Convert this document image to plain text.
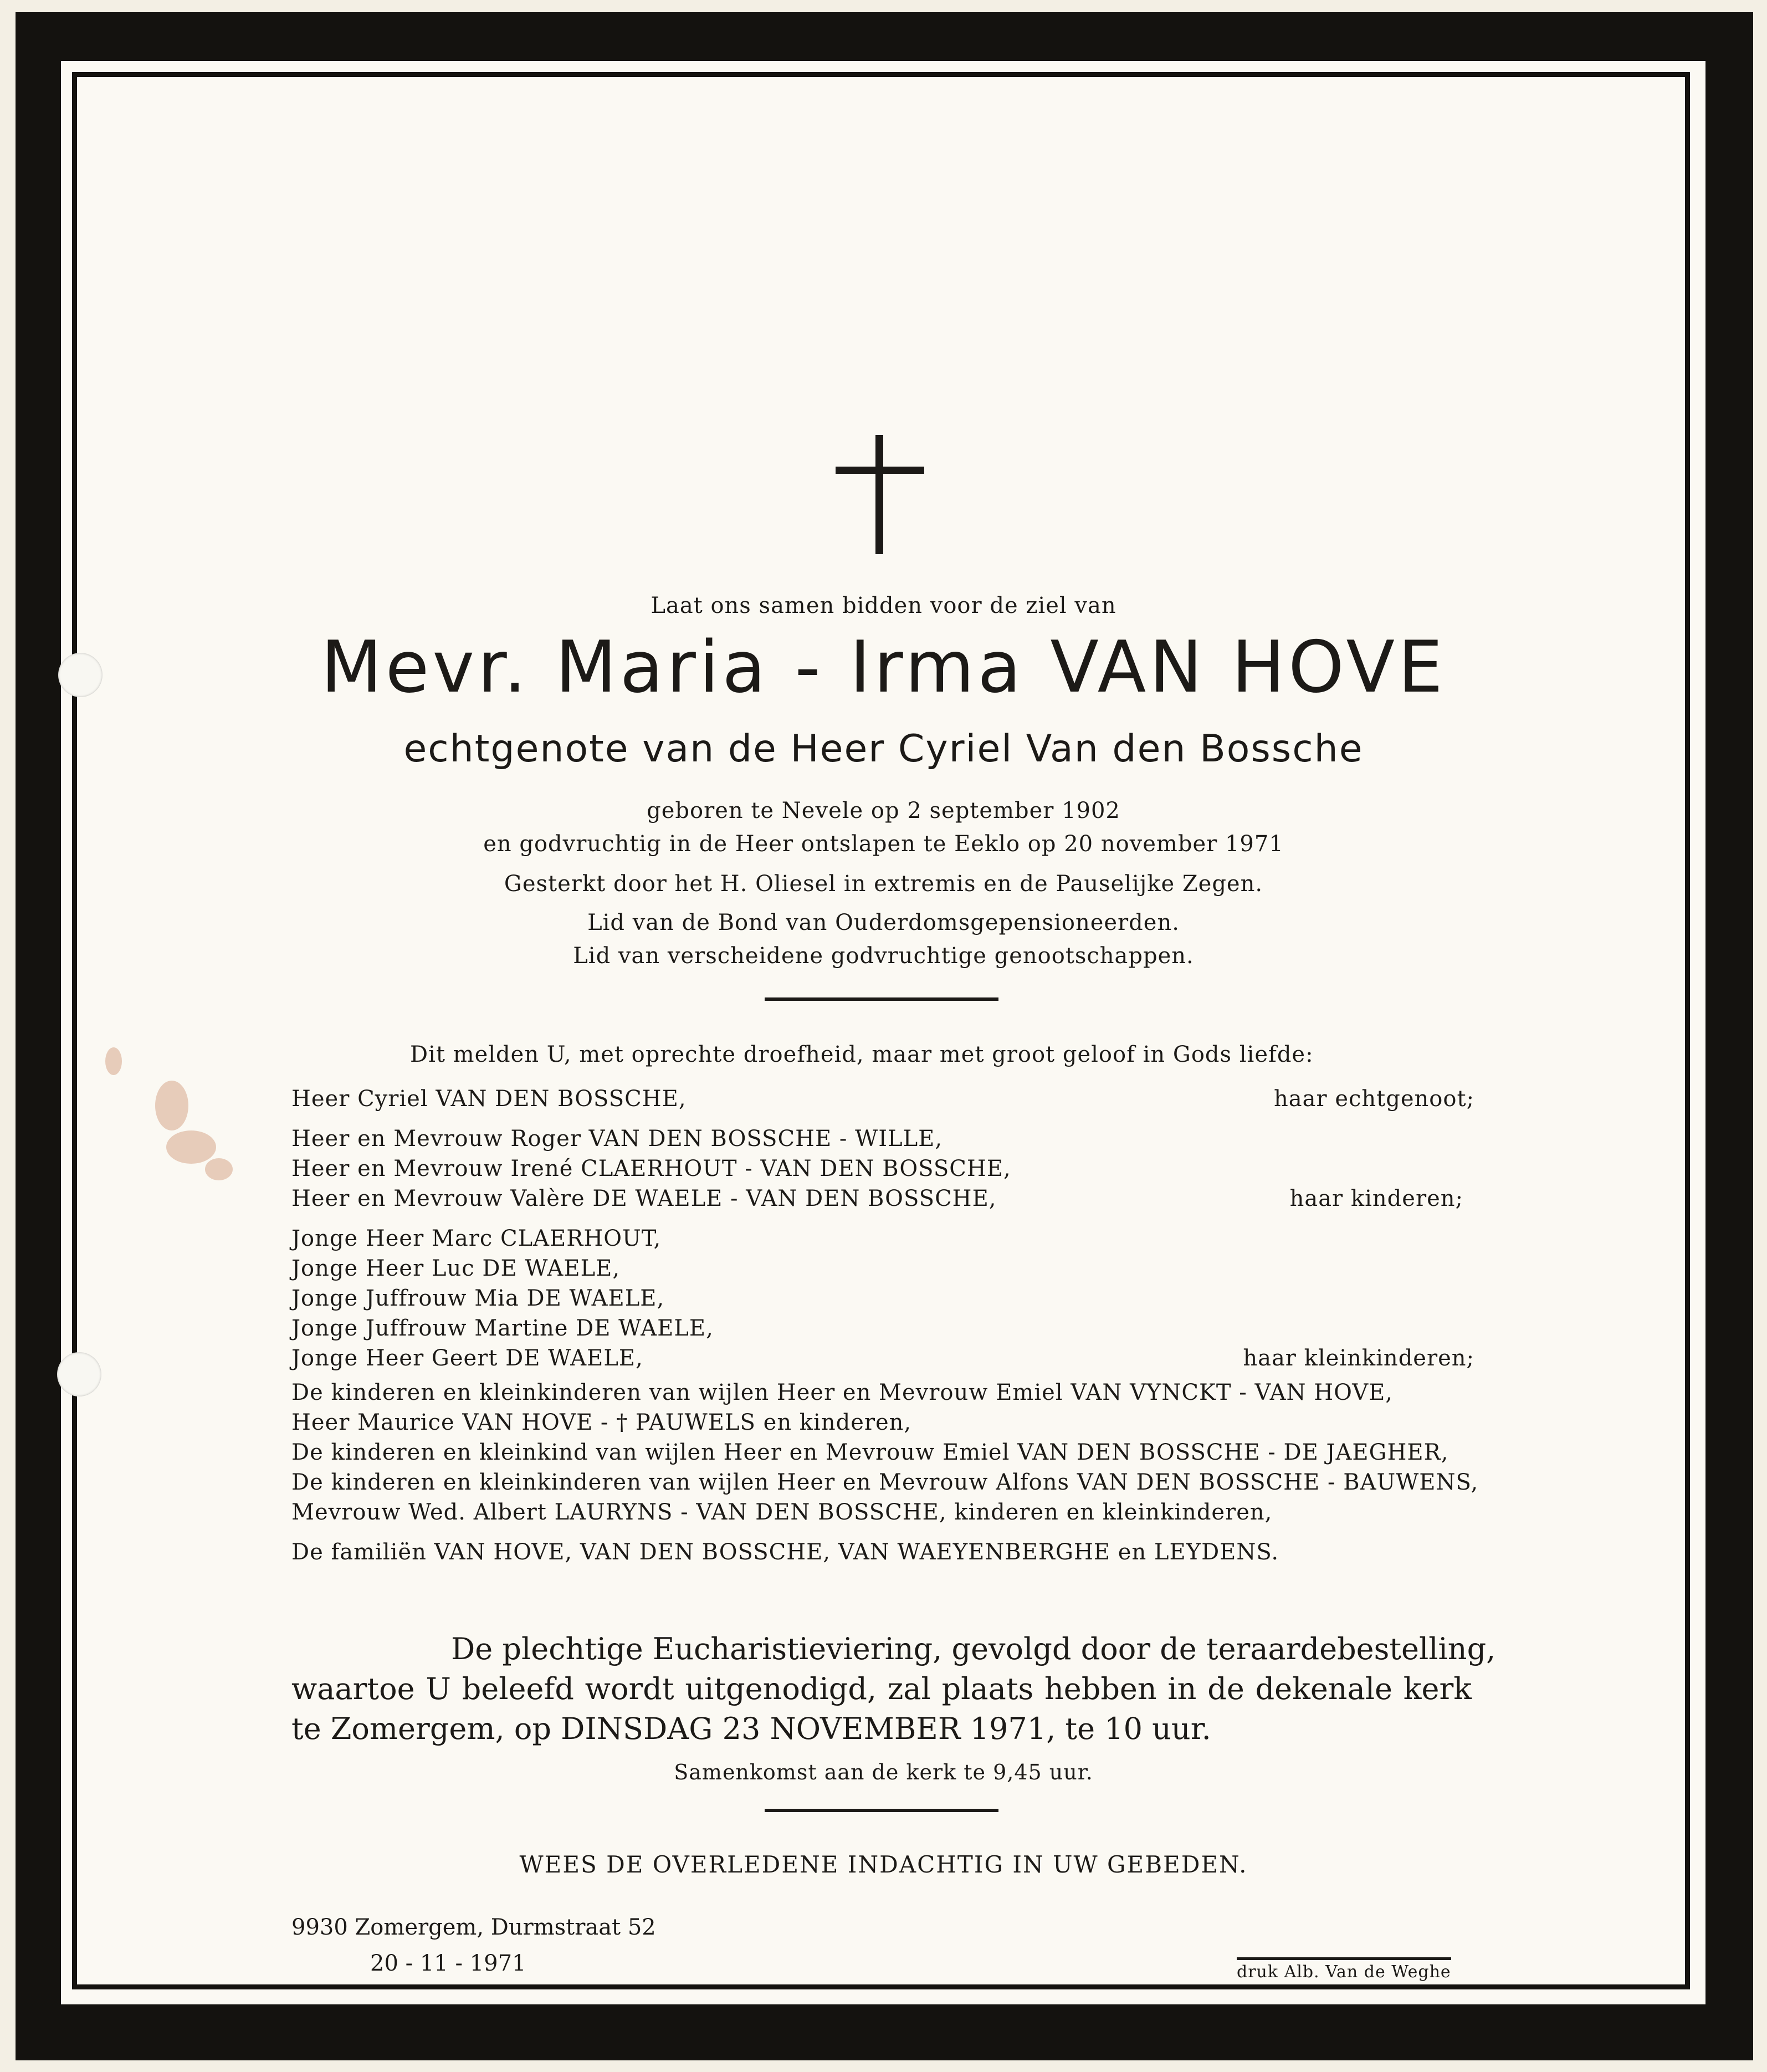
Laat ons samen bidden voor de ziel van
Mevr. Maria - Irma VAN HOVE
echtgenote van de Heer Cyriel Van den Bossche
geboren te Nevele op 2 september 1902
en godvruchtig in de Heer ontslapen te Eeklo op 20 november 1971
Gesterkt door het H. Oliesel in extremis en de Pauselijke Zegen.
Lid van de Bond van Ouderdomsgepensioneerden.
Lid van verscheidene godvruchtige genootschappen.
Dit melden U, met oprechte droefheid, maar met groot geloof in Gods liefde:
Heer Cyriel VAN DEN BOSSCHE,	haar echtgenoot;
Heer en Mevrouw Roger VAN DEN BOSSCHE - WILLE,
Heer en Mevrouw Irené CLAERHOUT - VAN DEN BOSSCHE,
Heer en Mevrouw Valère DE WAELE - VAN DEN BOSSCHE,	haar kinderen;
Jonge Heer Marc CLAERHOUT,
Jonge Heer Luc DE WAELE,
Jonge Juffrouw Mia DE WAELE,
Jonge Juffrouw Martine DE WAELE,
Jonge Heer Geert DE WAELE,	haar kleinkinderen;
De kinderen en kleinkinderen van wijlen Heer en Mevrouw Emiel VAN VYNCKT - VAN HOVE,
Heer Maurice VAN HOVE - † PAUWELS en kinderen,
De kinderen en kleinkind van wijlen Heer en Mevrouw Emiel VAN DEN BOSSCHE - DE JAEGHER,
De kinderen en kleinkinderen van wijlen Heer en Mevrouw Alfons VAN DEN BOSSCHE - BAUWENS,
Mevrouw Wed. Albert LAURYNS - VAN DEN BOSSCHE, kinderen en kleinkinderen,
De familiën VAN HOVE, VAN DEN BOSSCHE, VAN WAEYENBERGHE en LEYDENS.
De plechtige Eucharistieviering, gevolgd door de teraardebestelling,
waartoe U beleefd wordt uitgenodigd, zal plaats hebben in de dekenale kerk
te Zomergem, op DINSDAG 23 NOVEMBER 1971, te 10 uur.
Samenkomst aan de kerk te 9,45 uur.
WEES DE OVERLEDENE INDACHTIG IN UW GEBEDEN.
9930 Zomergem, Durmstraat 52
20 - 11 - 1971	druk Alb. Van de Weghe
